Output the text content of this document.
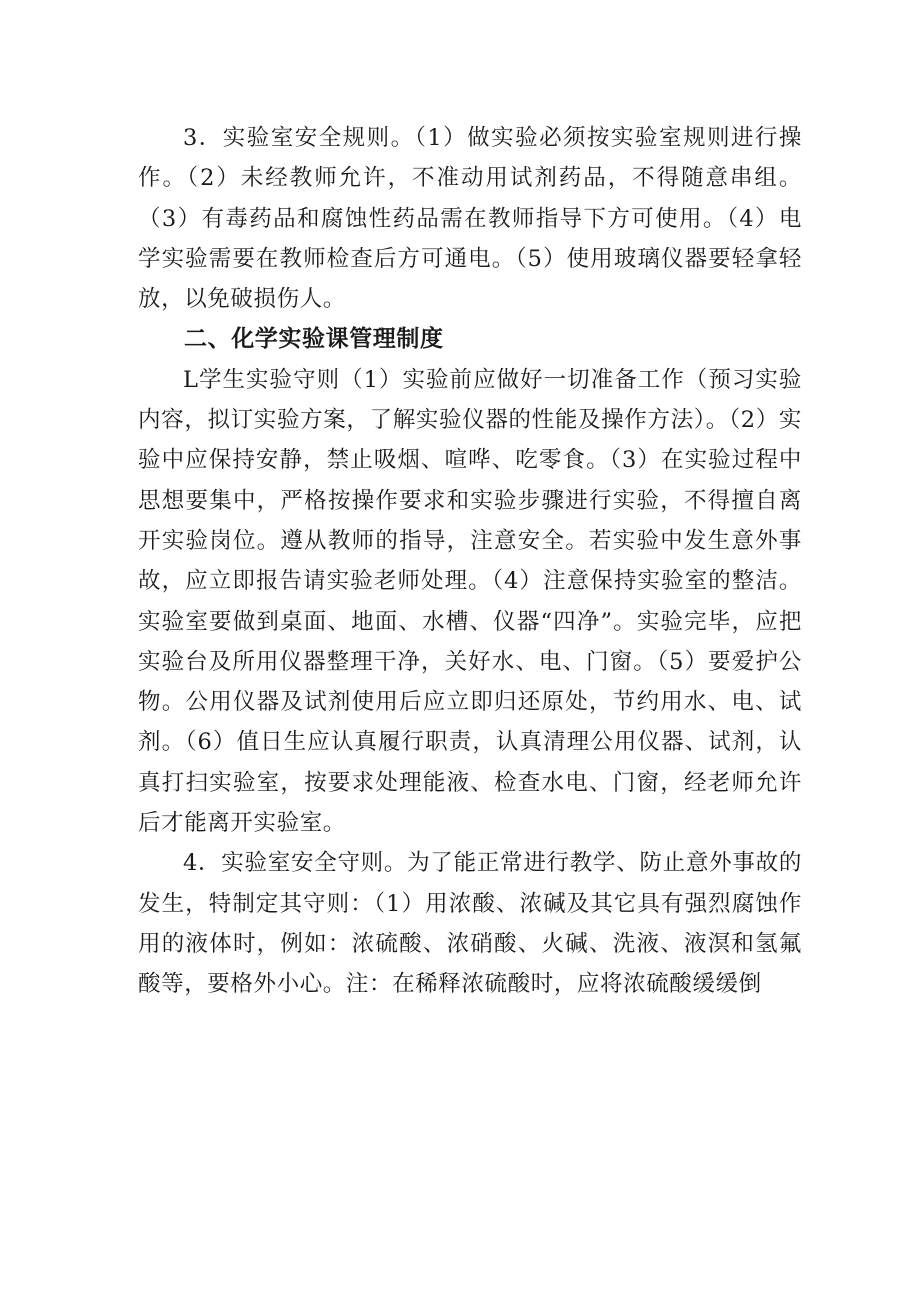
3．实验室安全规则。（1）做实验必须按实验室规则进行操作。（2）未经教师允许，不准动用试剂药品，不得随意串组。（3）有毒药品和腐蚀性药品需在教师指导下方可使用。（4）电学实验需要在教师检查后方可通电。（5）使用玻璃仪器要轻拿轻放，以免破损伤人。

二、化学实验课管理制度

L学生实验守则（1）实验前应做好一切准备工作（预习实验内容，拟订实验方案，了解实验仪器的性能及操作方法）。（2）实验中应保持安静，禁止吸烟、喧哗、吃零食。（3）在实验过程中思想要集中，严格按操作要求和实验步骤进行实验，不得擅自离开实验岗位。遵从教师的指导，注意安全。若实验中发生意外事故，应立即报告请实验老师处理。（4）注意保持实验室的整洁。实验室要做到桌面、地面、水槽、仪器“四净”。实验完毕，应把实验台及所用仪器整理干净，关好水、电、门窗。（5）要爱护公物。公用仪器及试剂使用后应立即归还原处，节约用水、电、试剂。（6）值日生应认真履行职责，认真清理公用仪器、试剂，认真打扫实验室，按要求处理能液、检查水电、门窗，经老师允许后才能离开实验室。

4．实验室安全守则。为了能正常进行教学、防止意外事故的发生，特制定其守则：（1）用浓酸、浓碱及其它具有强烈腐蚀作用的液体时，例如：浓硫酸、浓硝酸、火碱、洗液、液溟和氢氟酸等，要格外小心。注：在稀释浓硫酸时，应将浓硫酸缓缓倒
